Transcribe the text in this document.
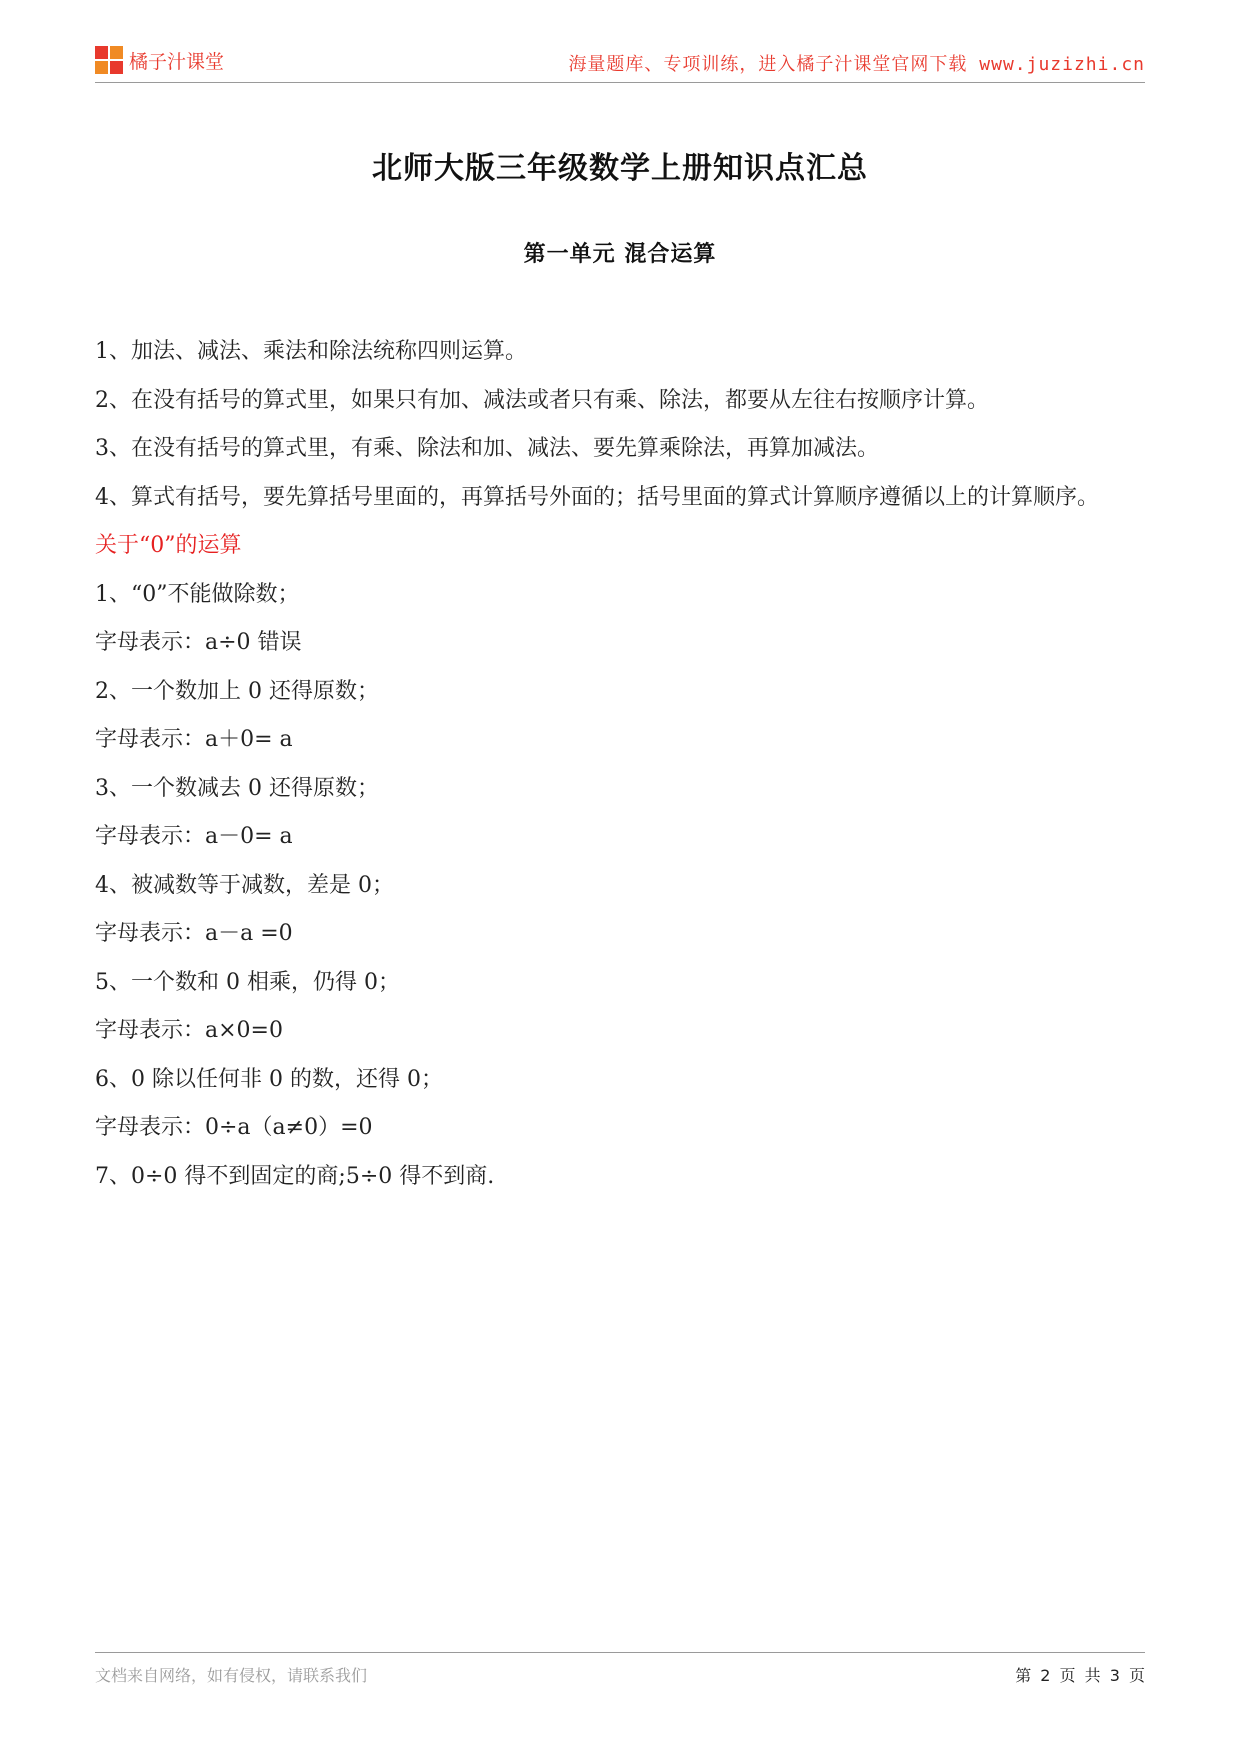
橘子汁课堂	海量题库、专项训练，进入橘子汁课堂官网下载 www.juzizhi.cn
北师大版三年级数学上册知识点汇总
第一单元 混合运算
1、加法、减法、乘法和除法统称四则运算。
2、在没有括号的算式里，如果只有加、减法或者只有乘、除法，都要从左往右按顺序计算。
3、在没有括号的算式里，有乘、除法和加、减法、要先算乘除法，再算加减法。
4、算式有括号，要先算括号里面的，再算括号外面的；括号里面的算式计算顺序遵循以上的计算顺序。
关于“0”的运算
1、“0”不能做除数；
字母表示：a÷0 错误
2、一个数加上 0 还得原数；
字母表示：a＋0= a
3、一个数减去 0 还得原数；
字母表示：a－0= a
4、被减数等于减数，差是 0；
字母表示：a－a =0
5、一个数和 0 相乘，仍得 0；
字母表示：a×0=0
6、0 除以任何非 0 的数，还得 0；
字母表示：0÷a（a≠0）=0
7、0÷0 得不到固定的商;5÷0 得不到商.
文档来自网络，如有侵权，请联系我们	第 2 页 共 3 页
